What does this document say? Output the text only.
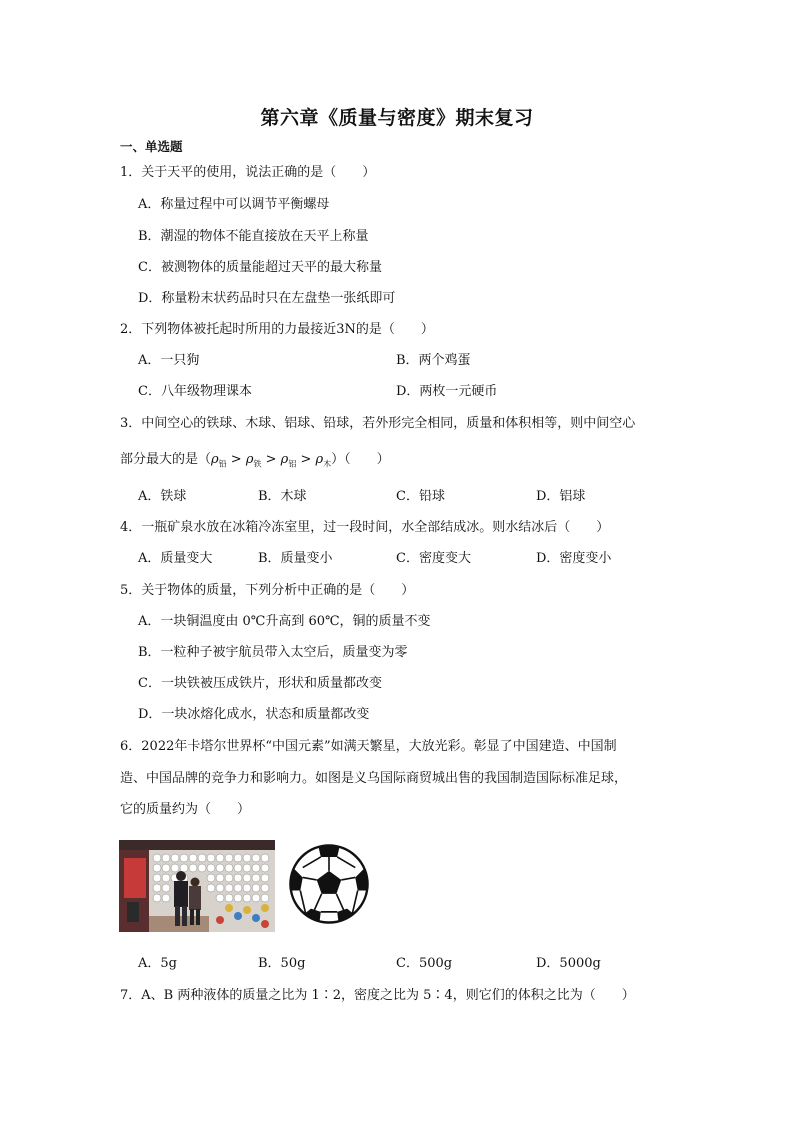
第六章《质量与密度》期末复习
一、单选题
1．关于天平的使用，说法正确的是（　　）
A．称量过程中可以调节平衡螺母
B．潮湿的物体不能直接放在天平上称量
C．被测物体的质量能超过天平的最大称量
D．称量粉末状药品时只在左盘垫一张纸即可
2．下列物体被托起时所用的力最接近3N的是（　　）
A．一只狗	B．两个鸡蛋
C．八年级物理课本	D．两枚一元硬币
3．中间空心的铁球、木球、铝球、铅球，若外形完全相同，质量和体积相等，则中间空心
部分最大的是$(\rho_铅 > \rho_铁 > \rho_铝 > \rho_木)$（　　）
A．铁球	B．木球	C．铅球	D．铝球
4．一瓶矿泉水放在冰箱冷冻室里，过一段时间，水全部结成冰。则水结冰后（　　）
A．质量变大	B．质量变小	C．密度变大	D．密度变小
5．关于物体的质量，下列分析中正确的是（　　）
A．一块铜温度由 0℃升高到 60℃，铜的质量不变
B．一粒种子被宇航员带入太空后，质量变为零
C．一块铁被压成铁片，形状和质量都改变
D．一块冰熔化成水，状态和质量都改变
6．2022年卡塔尔世界杯“中国元素”如满天繁星，大放光彩。彰显了中国建造、中国制
造、中国品牌的竞争力和影响力。如图是义乌国际商贸城出售的我国制造国际标准足球，
它的质量约为（　　）
A．5g	B．50g	C．500g	D．5000g
7．A、B 两种液体的质量之比为 1∶2，密度之比为 5∶4，则它们的体积之比为（　　）
